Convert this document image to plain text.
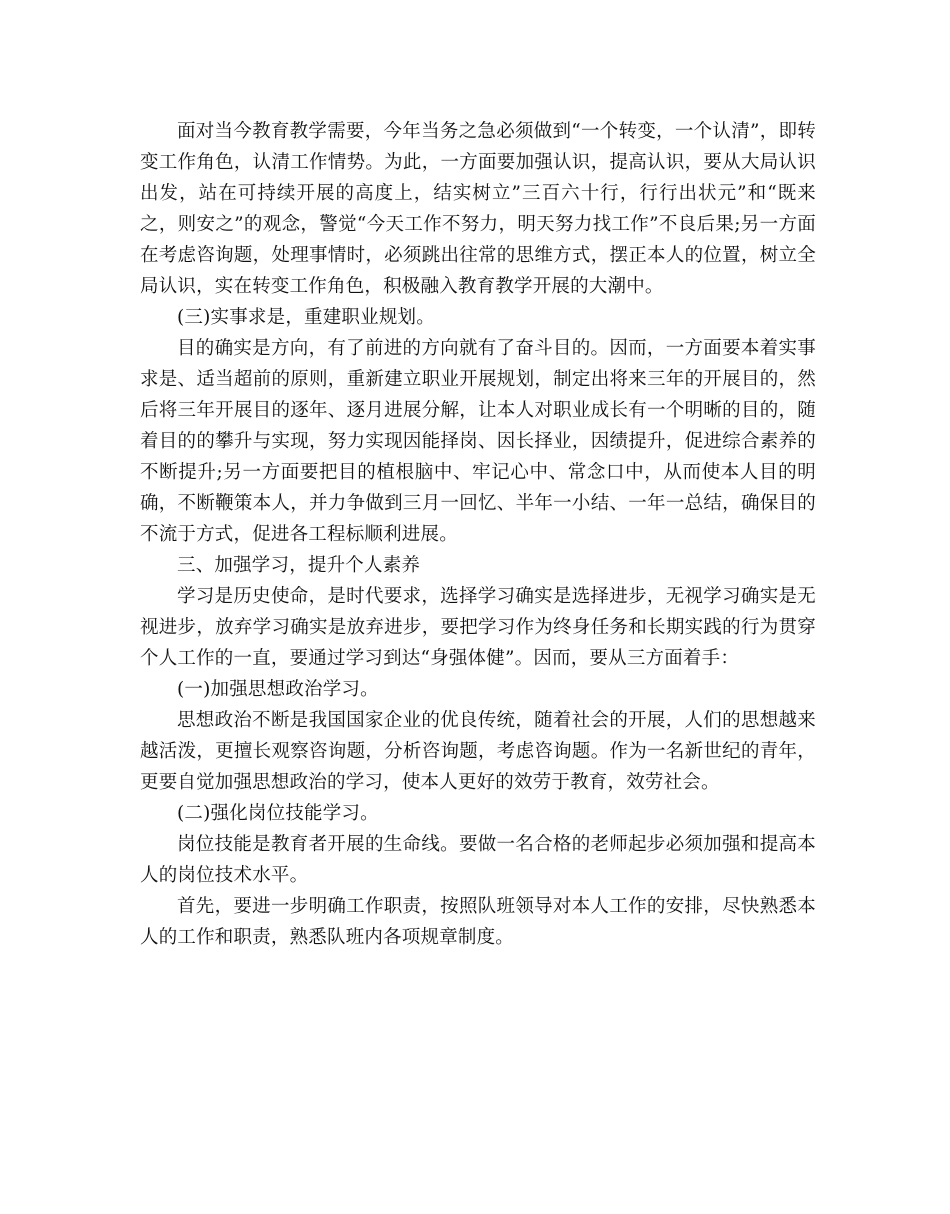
面对当今教育教学需要，今年当务之急必须做到“一个转变，一个认清”，即转变工作角色，认清工作情势。为此，一方面要加强认识，提高认识，要从大局认识出发，站在可持续开展的高度上，结实树立”三百六十行，行行出状元”和“既来之，则安之”的观念，警觉“今天工作不努力，明天努力找工作”不良后果;另一方面在考虑咨询题，处理事情时，必须跳出往常的思维方式，摆正本人的位置，树立全局认识，实在转变工作角色，积极融入教育教学开展的大潮中。

(三)实事求是，重建职业规划。

目的确实是方向，有了前进的方向就有了奋斗目的。因而，一方面要本着实事求是、适当超前的原则，重新建立职业开展规划，制定出将来三年的开展目的，然后将三年开展目的逐年、逐月进展分解，让本人对职业成长有一个明晰的目的，随着目的的攀升与实现，努力实现因能择岗、因长择业，因绩提升，促进综合素养的不断提升;另一方面要把目的植根脑中、牢记心中、常念口中，从而使本人目的明确，不断鞭策本人，并力争做到三月一回忆、半年一小结、一年一总结，确保目的不流于方式，促进各工程标顺利进展。

三、加强学习，提升个人素养

学习是历史使命，是时代要求，选择学习确实是选择进步，无视学习确实是无视进步，放弃学习确实是放弃进步，要把学习作为终身任务和长期实践的行为贯穿个人工作的一直，要通过学习到达“身强体健”。因而，要从三方面着手：

(一)加强思想政治学习。

思想政治不断是我国国家企业的优良传统，随着社会的开展，人们的思想越来越活泼，更擅长观察咨询题，分析咨询题，考虑咨询题。作为一名新世纪的青年，更要自觉加强思想政治的学习，使本人更好的效劳于教育，效劳社会。

(二)强化岗位技能学习。

岗位技能是教育者开展的生命线。要做一名合格的老师起步必须加强和提高本人的岗位技术水平。

首先，要进一步明确工作职责，按照队班领导对本人工作的安排，尽快熟悉本人的工作和职责，熟悉队班内各项规章制度。
